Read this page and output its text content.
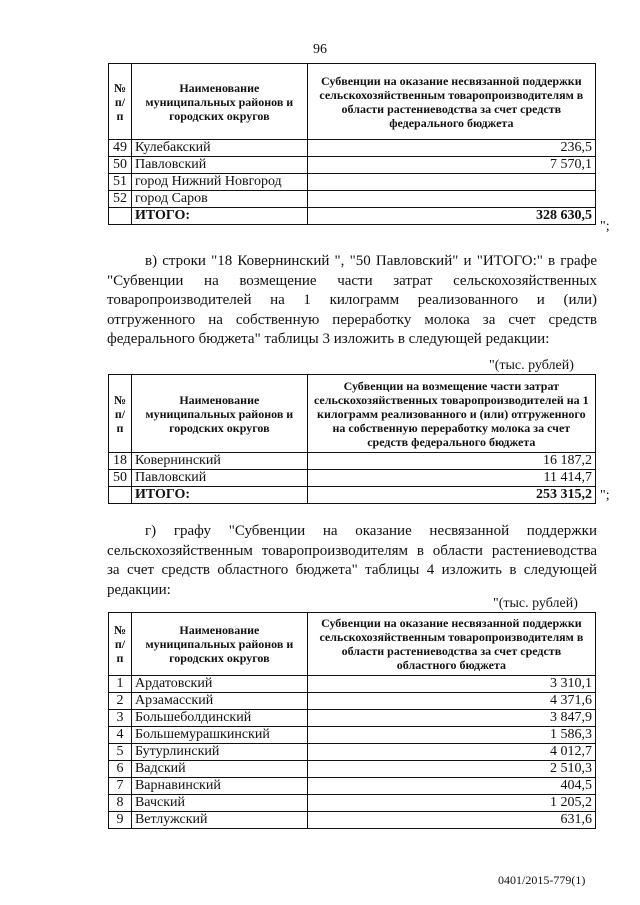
96
№ п/п	Наименование муниципальных районов и городских округов	Субвенции на оказание несвязанной поддержки сельскохозяйственным товаропроизводителям в области растениеводства за счет средств федерального бюджета
49	Кулебакский	236,5
50	Павловский	7 570,1
51	город Нижний Новгород	
52	город Саров	
	ИТОГО:	328 630,5
";
в) строки "18 Ковернинский ", "50 Павловский" и "ИТОГО:" в графе
"Субвенции на возмещение части затрат сельскохозяйственных
товаропроизводителей на 1 килограмм реализованного и (или)
отгруженного на собственную переработку молока за счет средств
федерального бюджета" таблицы 3 изложить в следующей редакции:
"(тыс. рублей)
№ п/п	Наименование муниципальных районов и городских округов	Субвенции на возмещение части затрат сельскохозяйственных товаропроизводителей на 1 килограмм реализованного и (или) отгруженного на собственную переработку молока за счет средств федерального бюджета
18	Ковернинский	16 187,2
50	Павловский	11 414,7
	ИТОГО:	253 315,2 ";
г) графу "Субвенции на оказание несвязанной поддержки
сельскохозяйственным товаропроизводителям в области растениеводства
за счет средств областного бюджета" таблицы 4 изложить в следующей
редакции:
"(тыс. рублей)
№ п/п	Наименование муниципальных районов и городских округов	Субвенции на оказание несвязанной поддержки сельскохозяйственным товаропроизводителям в области растениеводства за счет средств областного бюджета
1	Ардатовский	3 310,1
2	Арзамасский	4 371,6
3	Большеболдинский	3 847,9
4	Большемурашкинский	1 586,3
5	Бутурлинский	4 012,7
6	Вадский	2 510,3
7	Варнавинский	404,5
8	Вачский	1 205,2
9	Ветлужский	631,6
0401/2015-779(1)
